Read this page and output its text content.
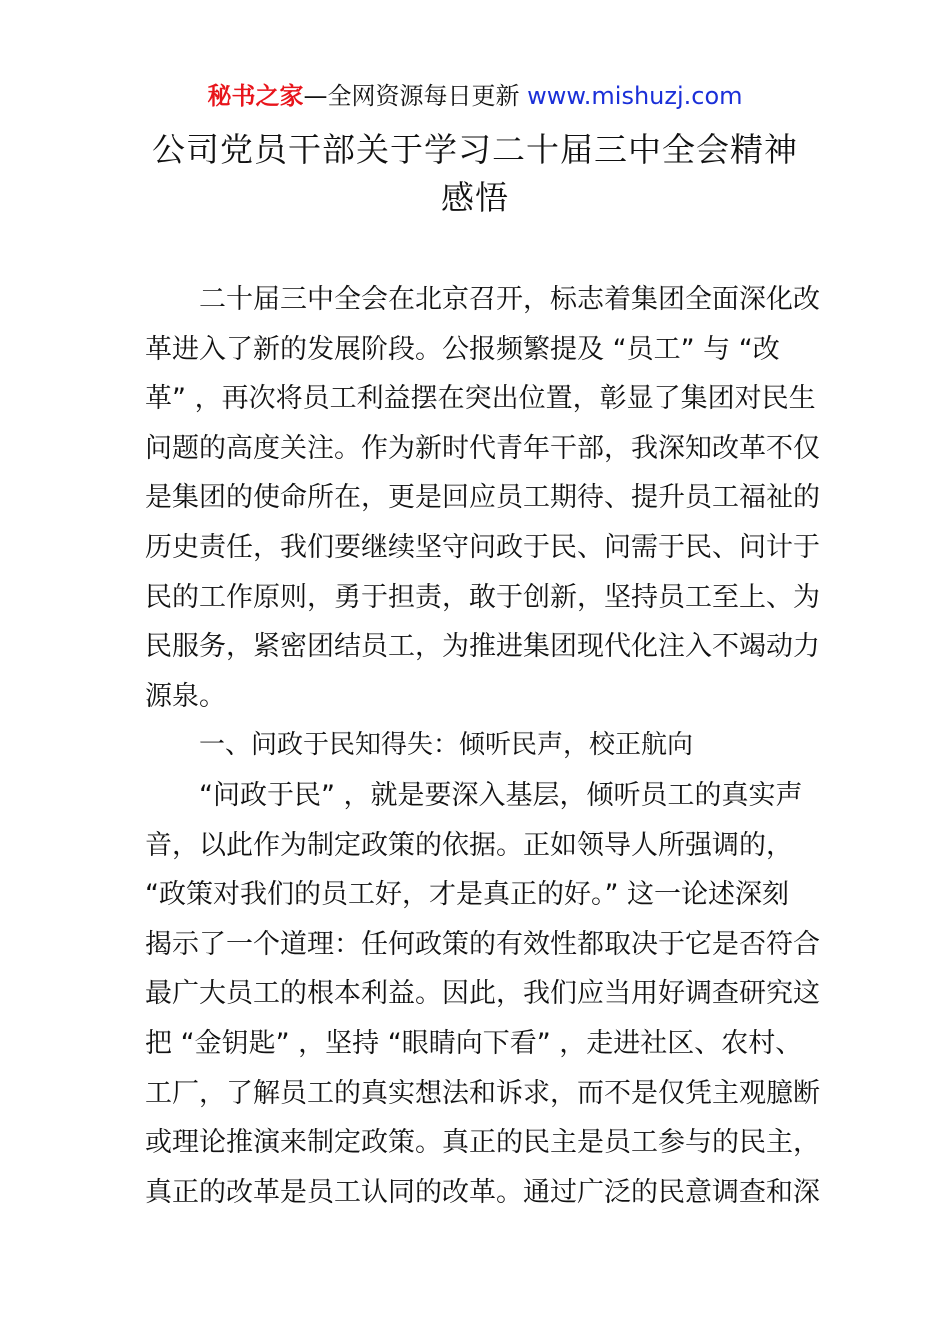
秘书之家—全网资源每日更新 www.mishuzj.com
公司党员干部关于学习二十届三中全会精神
感悟
二十届三中全会在北京召开，标志着集团全面深化改
革进入了新的发展阶段。公报频繁提及 “员工” 与 “改
革” ，再次将员工利益摆在突出位置，彰显了集团对民生
问题的高度关注。作为新时代青年干部，我深知改革不仅
是集团的使命所在，更是回应员工期待、提升员工福祉的
历史责任，我们要继续坚守问政于民、问需于民、问计于
民的工作原则，勇于担责，敢于创新，坚持员工至上、为
民服务，紧密团结员工，为推进集团现代化注入不竭动力
源泉。
一、问政于民知得失：倾听民声，校正航向
“问政于民” ，就是要深入基层，倾听员工的真实声
音，以此作为制定政策的依据。正如领导人所强调的，
“政策对我们的员工好，才是真正的好。” 这一论述深刻
揭示了一个道理：任何政策的有效性都取决于它是否符合
最广大员工的根本利益。因此，我们应当用好调查研究这
把 “金钥匙” ，坚持 “眼睛向下看” ，走进社区、农村、
工厂，了解员工的真实想法和诉求，而不是仅凭主观臆断
或理论推演来制定政策。真正的民主是员工参与的民主，
真正的改革是员工认同的改革。通过广泛的民意调查和深
